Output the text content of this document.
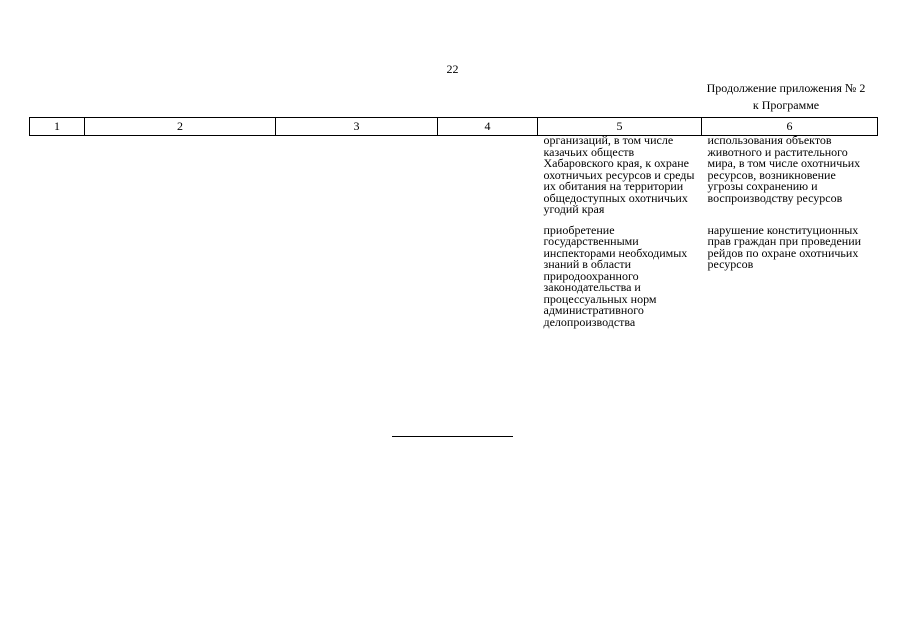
22
Продолжение приложения № 2
к Программе
1	2	3	4	5	6

				организаций, в том числе казачьих обществ Хабаровского края, к охране охотничьих ресурсов и среды их обитания на территории общедоступных охотничьих угодий края	использования объектов животного и растительного мира, в том числе охотничьих ресурсов, возникновение угрозы сохранению и воспроизводству ресурсов

				приобретение государственными инспекторами необходимых знаний в области природоохранного законодательства и процессуальных норм административного делопроизводства	нарушение конституционных прав граждан при проведении рейдов по охране охотничьих ресурсов
